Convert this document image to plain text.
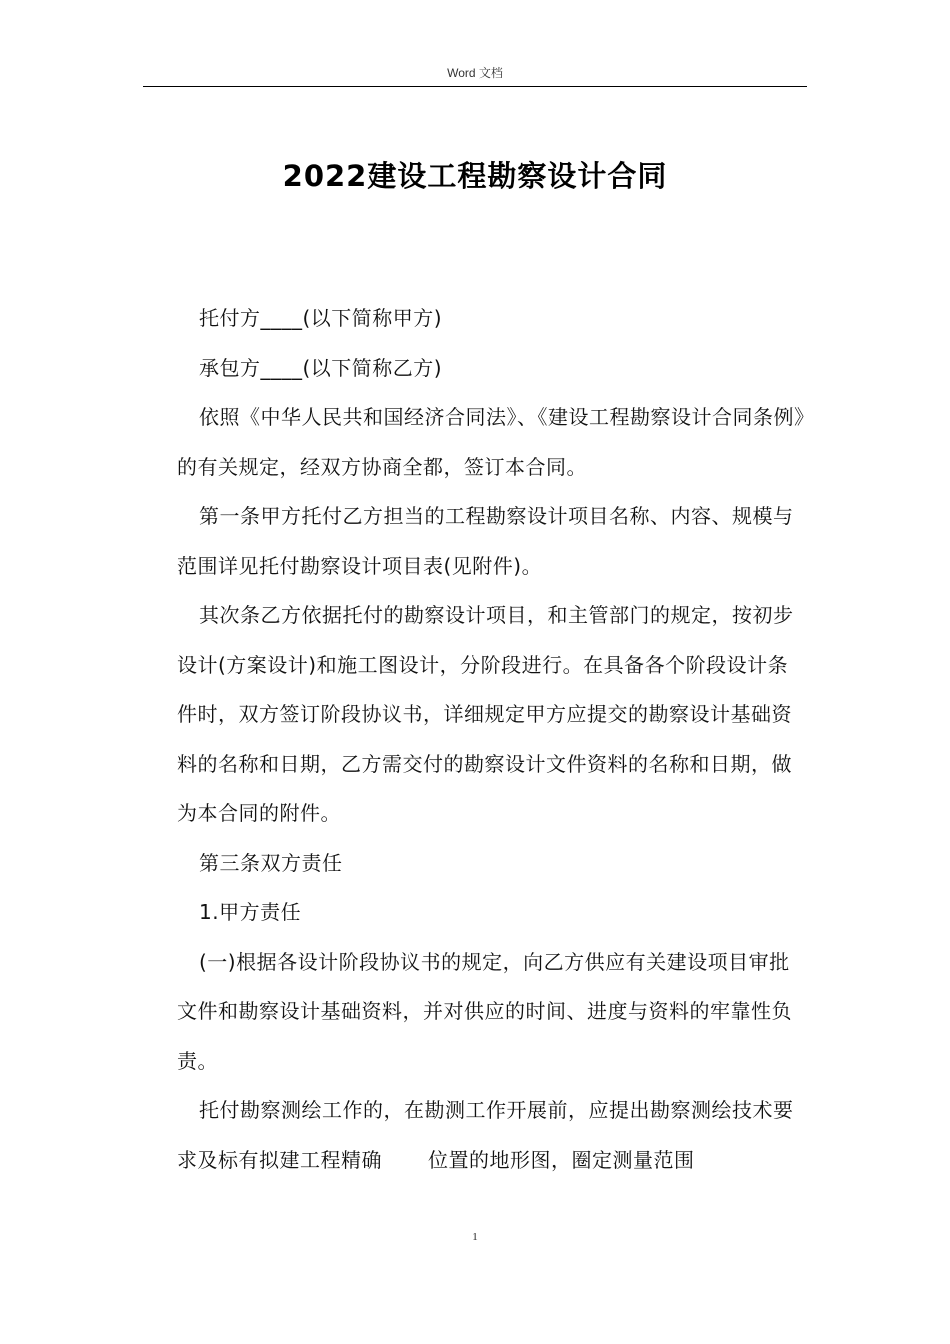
Word 文档
2022建设工程勘察设计合同

托付方____(以下简称甲方)

承包方____(以下简称乙方)

依照《中华人民共和国经济合同法》、《建设工程勘察设计合同条例》的有关规定，经双方协商全都，签订本合同。

第一条甲方托付乙方担当的工程勘察设计项目名称、内容、规模与范围详见托付勘察设计项目表(见附件)。

其次条乙方依据托付的勘察设计项目，和主管部门的规定，按初步设计(方案设计)和施工图设计，分阶段进行。在具备各个阶段设计条件时，双方签订阶段协议书，详细规定甲方应提交的勘察设计基础资料的名称和日期，乙方需交付的勘察设计文件资料的名称和日期，做为本合同的附件。

第三条双方责任

1.甲方责任

(一)根据各设计阶段协议书的规定，向乙方供应有关建设项目审批文件和勘察设计基础资料，并对供应的时间、进度与资料的牢靠性负责。

托付勘察测绘工作的，在勘测工作开展前，应提出勘察测绘技术要求及标有拟建工程精确 位置的地形图，圈定测量范围

1
